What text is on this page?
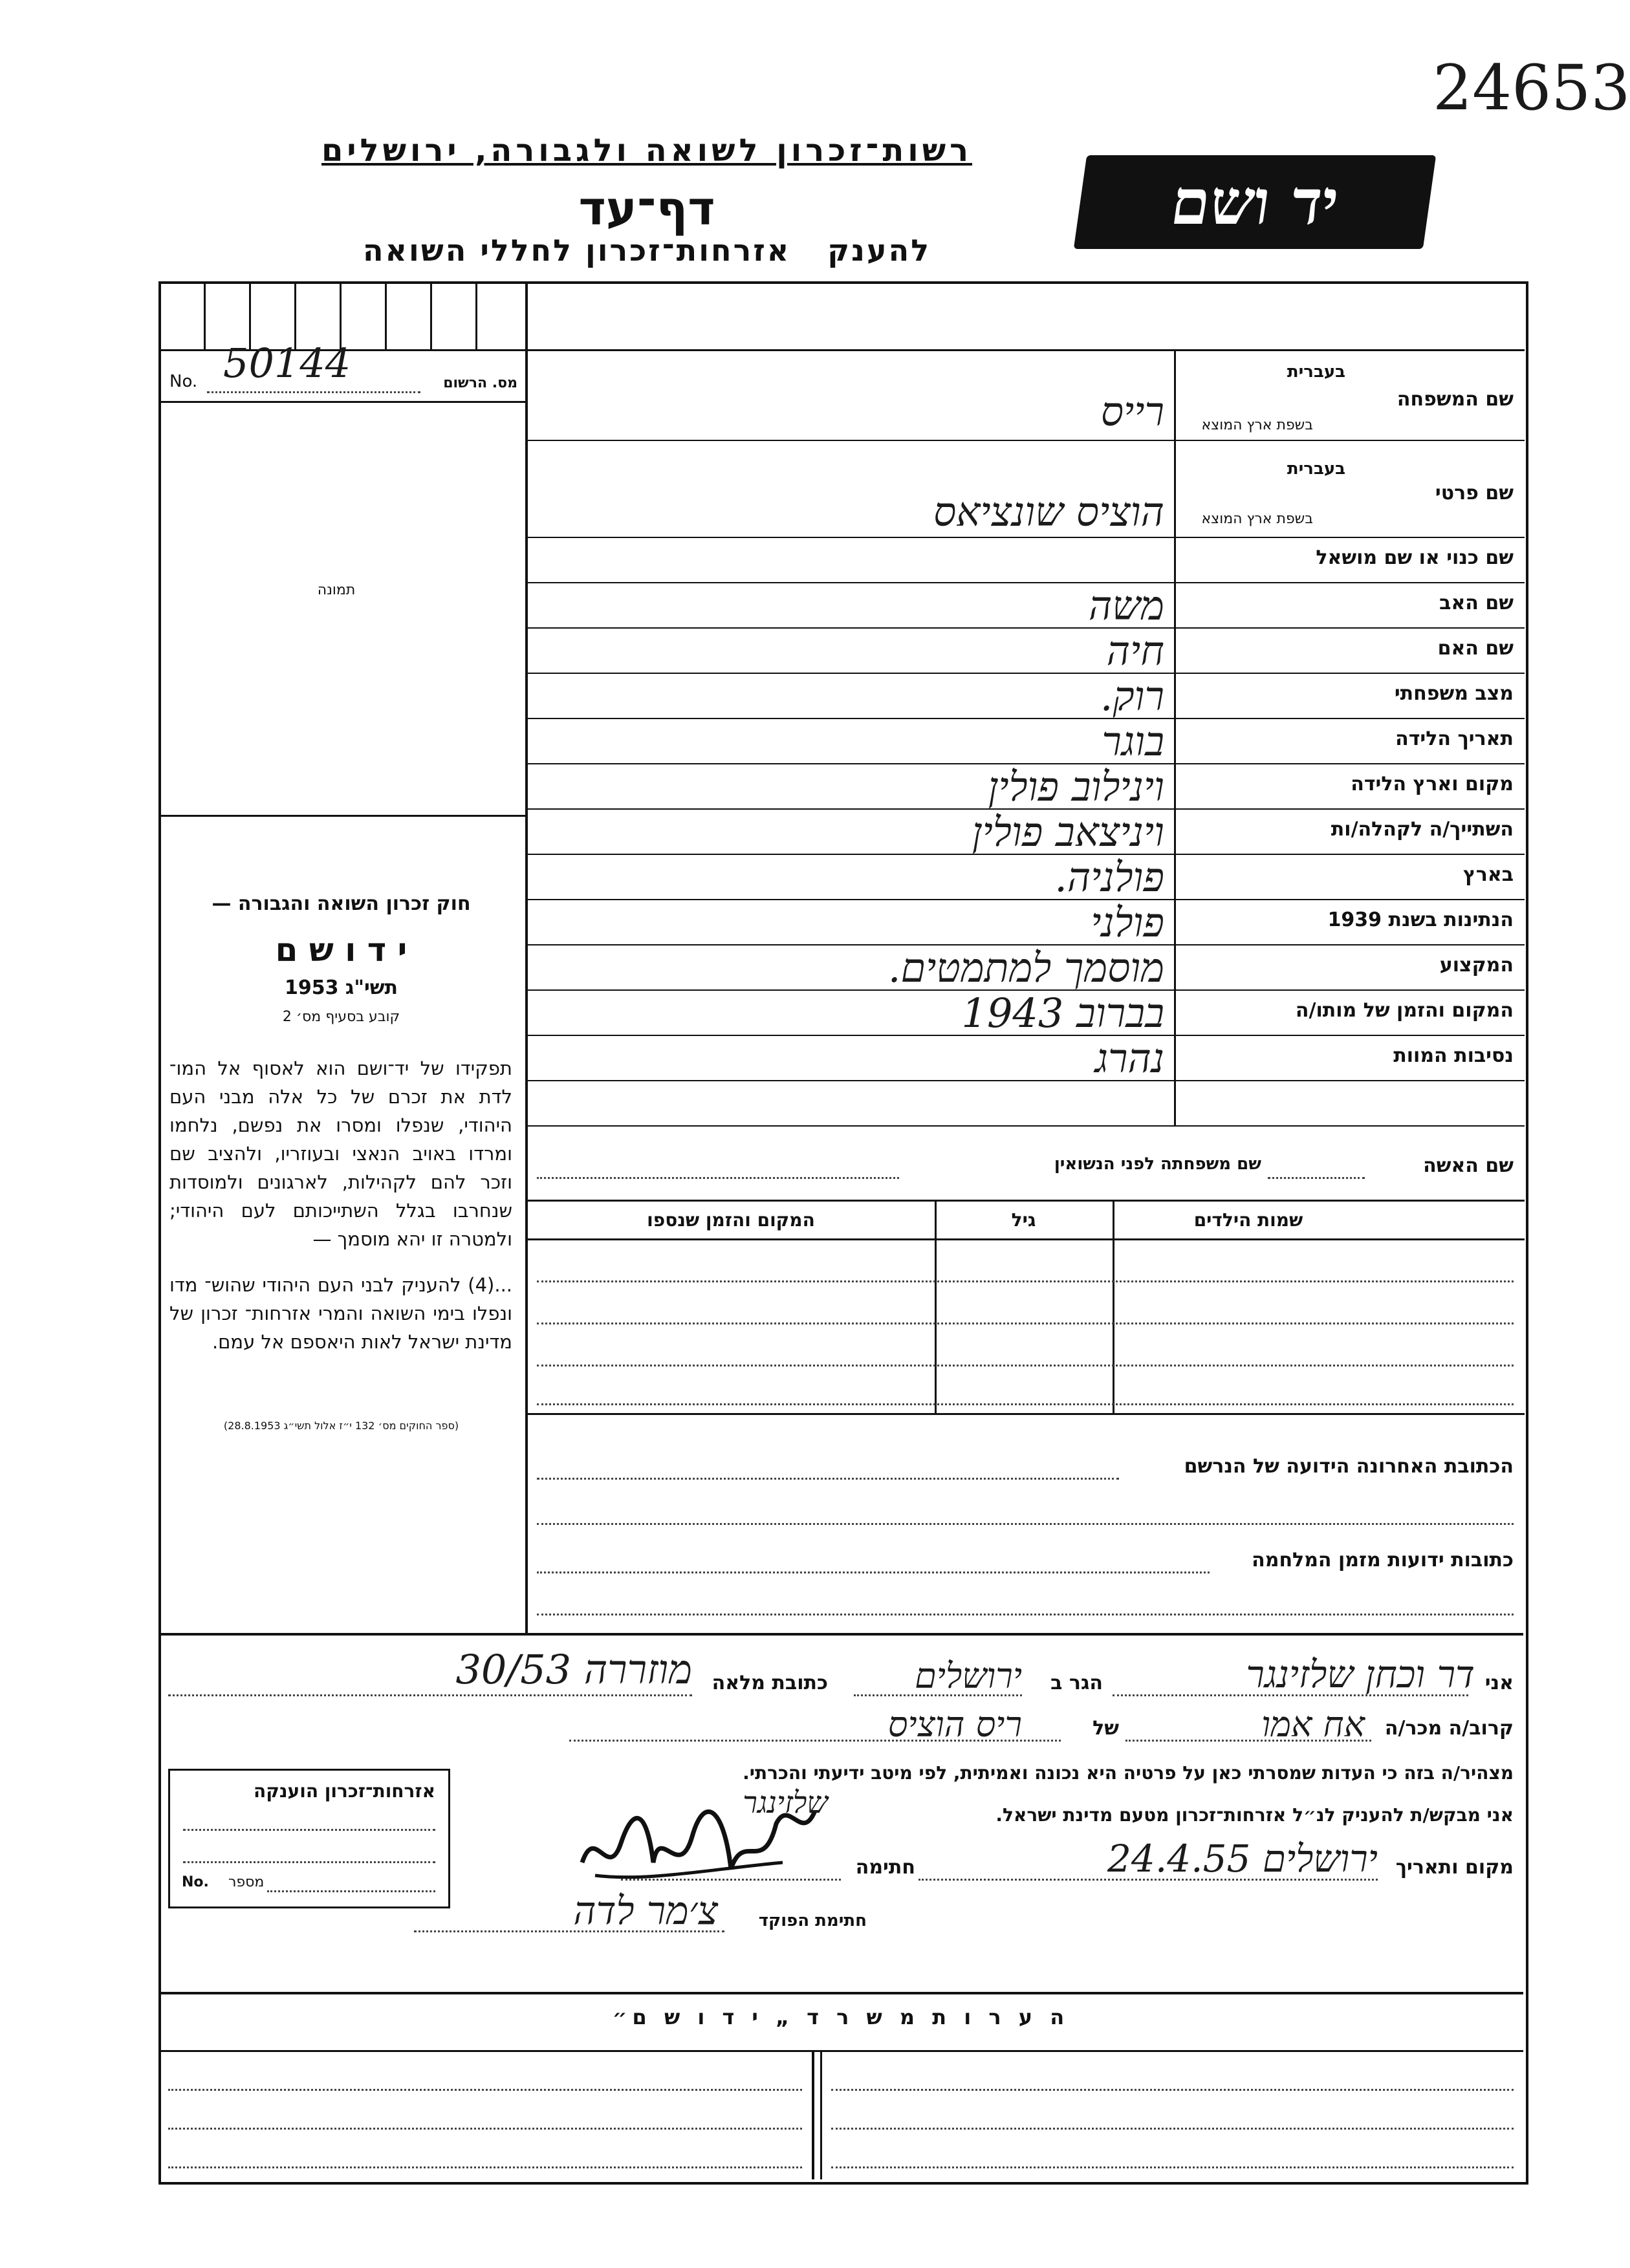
24653
רשות־זכרון לשואה ולגבורה, ירושלים
דף־עד
להענק   אזרחות־זכרון לחללי השואה
יד ושם
No. 50144	מס. הרשום
תמונה
חוק זכרון השואה והגבורה —
י ד ו ש ם
תשי"ג 1953
קובע בסעיף מס׳ 2
תפקידו של יד־ושם הוא לאסוף אל המו־ לדת את זכרם של כל אלה מבני העם היהודי, שנפלו ומסרו את נפשם, נלחמו ומרדו באויב הנאצי ובעוזריו, ולהציב שם וזכר להם לקהילות, לארגונים ולמוסדות שנחרבו בגלל השתייכותם לעם היהודי; ולמטרה זו יהא מוסמך —
...(4) להעניק לבני העם היהודי שהוש־ מדו ונפלו בימי השואה והמרי אזרחות־ זכרון של מדינת ישראל לאות היאספם אל עמם.
(ספר החוקים מס׳ 132 י״ז אלול תשי״ג 28.8.1953)
בעברית
שם המשפחה
בשפת ארץ המוצא
רייס
בעברית
שם פרטי
בשפת ארץ המוצא
הוציס שונציאס
שם כנוי או שם מושאל
שם האב
משה
שם האם
חיה
מצב משפחתי
רוק.
תאריך הלידה
בוגר
מקום וארץ הלידה
וינילוב פולין
השתייך/ה לקהלה/ות
ויניצאב פולין
בארץ
פולניה.
הנתינות בשנת 1939
פולני
המקצוע
מוסמך למתמטים.
המקום והזמן של מותו/ה
בברוב 1943
נסיבות המוות
נהרג
שם האשה
שם משפחתה לפני הנשואין
שמות הילדים
גיל
המקום והזמן שנספו
הכתובת האחרונה הידועה של הנרשם
כתובות ידועות מזמן המלחמה
אני
דר וכחן שלזינגר
הגר ב
ירושלים
כתובת מלאה
מוזררה 30/53
קרוב/ה מכר/ה
אח אמו
של
ריס הוציס
מצהיר/ה בזה כי העדות שמסרתי כאן על פרטיה היא נכונה ואמיתית, לפי מיטב ידיעתי והכרתי.
אני מבקש/ת להעניק לנ״ל אזרחות־זכרון מטעם מדינת ישראל.
מקום ותאריך
ירושלים 24.4.55
חתימה
שלזינגר
חתימת הפוקד
צ׳מר לדה
אזרחות־זכרון הוענקה
No. מספר
ה ע ר ו ת מ ש ר ד „ י ד ו ש ם״
